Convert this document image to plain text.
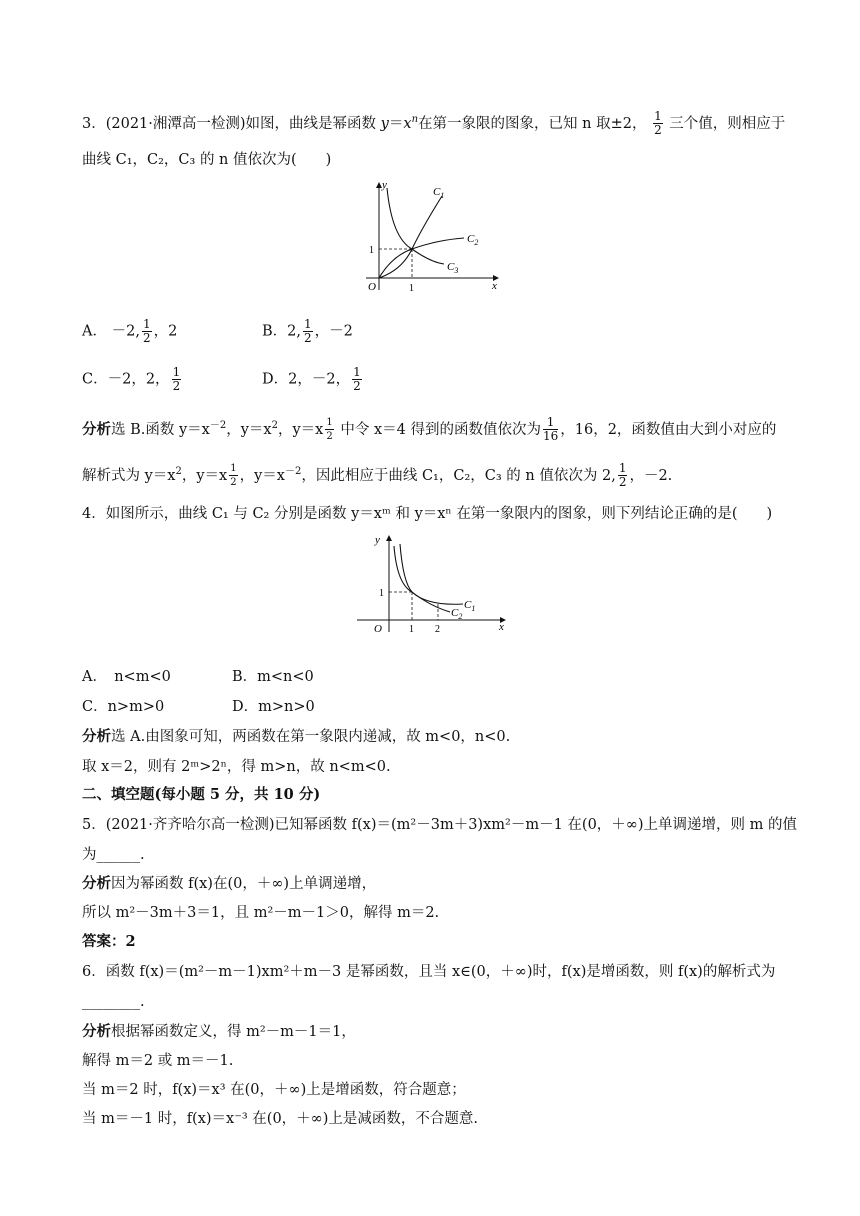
3．(2021·湘潭高一检测)如图，曲线是幂函数 $y=x^n$在第一象限的图象，已知 n 取±2， $\frac{1}{2}$ 三个值，则相应于
曲线 C₁，C₂，C₃ 的 n 值依次为(　　)
y
x
O	1
1
$C_1$
$C_2$
$C_3$
A． －2, $\frac{1}{2}$ ，2	B．2, $\frac{1}{2}$ ，－2
C．－2，2， $\frac{1}{2}$	D．2，－2， $\frac{1}{2}$
分析选 B.函数 $y=x^{-2}$，$y=x^2$，$y=x \frac{1}{2}$ 中令 x＝4 得到的函数值依次为 $\frac{1}{16}$ ，16，2，函数值由大到小对应的
解析式为 $y=x^2$，$y=x \frac{1}{2}$ ，$y=x^{-2}$，因此相应于曲线 C₁，C₂，C₃ 的 n 值依次为 2, $\frac{1}{2}$ ，－2.
4．如图所示，曲线 C₁ 与 C₂ 分别是函数 y＝xᵐ 和 y＝xⁿ 在第一象限内的图象，则下列结论正确的是(　　)
y
x
O	1 2
1
$C_1$
$C_2$
A．　n<m<0	B．m<n<0
C．n>m>0	D．m>n>0
分析选 A.由图象可知，两函数在第一象限内递减，故 m<0，n<0.
取 x＝2，则有 2ᵐ>2ⁿ，得 m>n，故 n<m<0.
二、填空题(每小题 5 分，共 10 分)
5．(2021·齐齐哈尔高一检测)已知幂函数 f(x)＝(m²－3m＋3)xm²－m－1 在(0，＋∞)上单调递增，则 m 的值
为______.
分析因为幂函数 f(x)在(0，＋∞)上单调递增，
所以 m²－3m＋3＝1，且 m²－m－1＞0，解得 m＝2.
答案：2
6．函数 f(x)＝(m²－m－1)xm²＋m－3 是幂函数，且当 x∈(0，＋∞)时，f(x)是增函数，则 f(x)的解析式为
________.
分析根据幂函数定义，得 m²－m－1＝1，
解得 m＝2 或 m＝－1.
当 m＝2 时，f(x)＝x³ 在(0，＋∞)上是增函数，符合题意；
当 m＝－1 时，f(x)＝x⁻³ 在(0，＋∞)上是减函数，不合题意.
